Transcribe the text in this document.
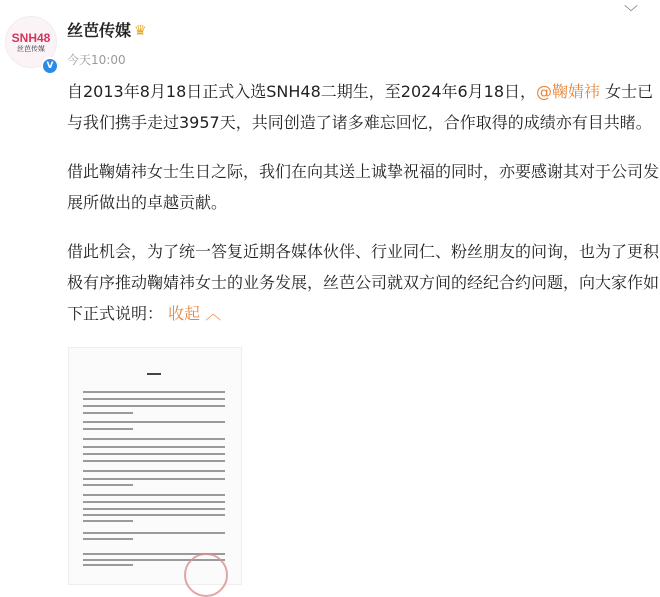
SNH48
丝芭传媒
V
丝芭传媒 ♛
今天10:00
﹀
自2013年8月18日正式入选SNH48二期生，至2024年6月18日，@鞠婧祎 女士已与我们携手走过3957天，共同创造了诸多难忘回忆，合作取得的成绩亦有目共睹。
借此鞠婧祎女士生日之际，我们在向其送上诚挚祝福的同时，亦要感谢其对于公司发展所做出的卓越贡献。
借此机会，为了统一答复近期各媒体伙伴、行业同仁、粉丝朋友的问询，也为了更积极有序推动鞠婧祎女士的业务发展，丝芭公司就双方间的经纪合约问题，向大家作如下正式说明： 收起 ︿
